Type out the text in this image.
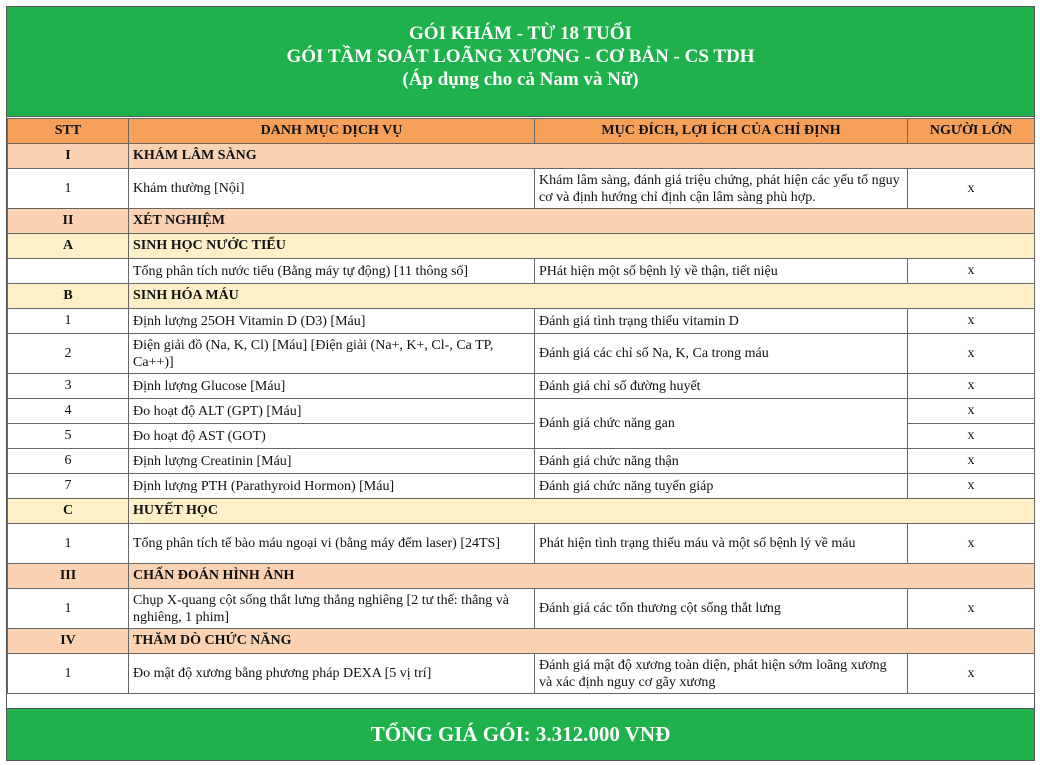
GÓI KHÁM - TỪ 18 TUỔI
GÓI TẦM SOÁT LOÃNG XƯƠNG - CƠ BẢN - CS TDH
(Áp dụng cho cả Nam và Nữ)
STT	DANH MỤC DỊCH VỤ	MỤC ĐÍCH, LỢI ÍCH CỦA CHỈ ĐỊNH	NGƯỜI LỚN
I	KHÁM LÂM SÀNG		
1	Khám thường [Nội]	Khám lâm sàng, đánh giá triệu chứng, phát hiện các yếu tố nguy cơ và định hướng chỉ định cận lâm sàng phù hợp.	x
II	XÉT NGHIỆM		
A	SINH HỌC NƯỚC TIỂU		
	Tổng phân tích nước tiểu (Bằng máy tự động) [11 thông số]	PHát hiện một số bệnh lý về thận, tiết niệu	x
B	SINH HÓA MÁU		
1	Định lượng 25OH Vitamin D (D3) [Máu]	Đánh giá tình trạng thiếu vitamin D	x
2	Điện giải đồ (Na, K, Cl) [Máu] [Điện giải (Na+, K+, Cl-, Ca TP, Ca++)]	Đánh giá các chỉ số Na, K, Ca trong máu	x
3	Định lượng Glucose [Máu]	Đánh giá chỉ số đường huyết	x
4	Đo hoạt độ ALT (GPT) [Máu]	Đánh giá chức năng gan	x
5	Đo hoạt độ AST (GOT)		x
6	Định lượng Creatinin [Máu]	Đánh giá chức năng thận	x
7	Định lượng PTH (Parathyroid Hormon) [Máu]	Đánh giá chức năng tuyến giáp	x
C	HUYẾT HỌC		
1	Tổng phân tích tế bào máu ngoại vi (bằng máy đếm laser) [24TS]	Phát hiện tình trạng thiếu máu và một số bệnh lý về máu	x
III	CHẨN ĐOÁN HÌNH ẢNH		
1	Chụp X-quang cột sống thắt lưng thẳng nghiêng [2 tư thế: thẳng và nghiêng, 1 phim]	Đánh giá các tổn thương cột sống thắt lưng	x
IV	THĂM DÒ CHỨC NĂNG		
1	Đo mật độ xương bằng phương pháp DEXA [5 vị trí]	Đánh giá mật độ xương toàn diện, phát hiện sớm loãng xương và xác định nguy cơ gãy xương	x
TỔNG GIÁ GÓI: 3.312.000 VNĐ
